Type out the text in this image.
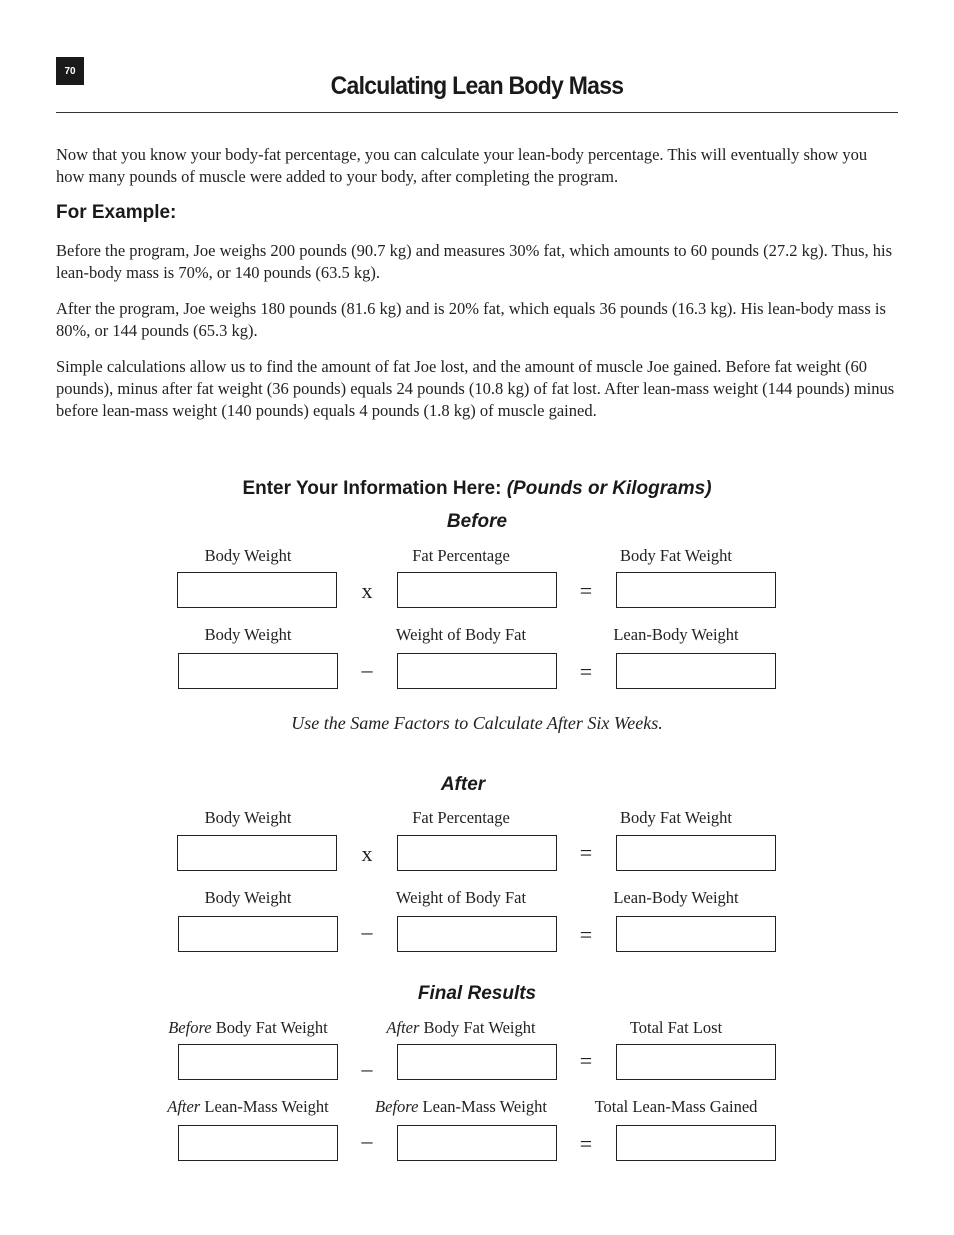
70
Calculating Lean Body Mass
Now that you know your body-fat percentage, you can calculate your lean-body percentage. This will eventually show you how many pounds of muscle were added to your body, after completing the program.
For Example:
Before the program, Joe weighs 200 pounds (90.7 kg) and measures 30% fat, which amounts to 60 pounds (27.2 kg). Thus, his lean-body mass is 70%, or 140 pounds (63.5 kg).
After the program, Joe weighs 180 pounds (81.6 kg) and is 20% fat, which equals 36 pounds (16.3 kg). His lean-body mass is 80%, or 144 pounds (65.3 kg).
Simple calculations allow us to find the amount of fat Joe lost, and the amount of muscle Joe gained. Before fat weight (60 pounds), minus after fat weight (36 pounds) equals 24 pounds (10.8 kg) of fat lost. After lean-mass weight (144 pounds) minus before lean-mass weight (140 pounds) equals 4 pounds (1.8 kg) of muscle gained.
Enter Your Information Here: (Pounds or Kilograms)
Before
Body Weight	Fat Percentage	Body Fat Weight
x	=
Body Weight	Weight of Body Fat	Lean-Body Weight
–	=
Use the Same Factors to Calculate After Six Weeks.
After
Body Weight	Fat Percentage	Body Fat Weight
x	=
Body Weight	Weight of Body Fat	Lean-Body Weight
–	=
Final Results
Before Body Fat Weight	After Body Fat Weight	Total Fat Lost
–	=
After Lean-Mass Weight	Before Lean-Mass Weight	Total Lean-Mass Gained
–	=
